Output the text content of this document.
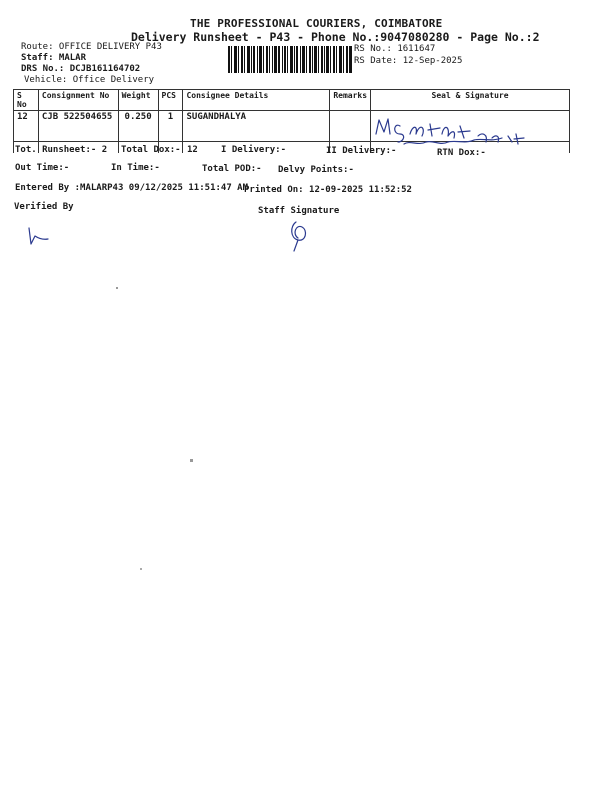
THE PROFESSIONAL COURIERS, COIMBATORE
Delivery Runsheet - P43 - Phone No.:9047080280 - Page No.:2
Route: OFFICE DELIVERY P43
Staff: MALAR
DRS No.: DCJB161164702
Vehicle: Office Delivery
RS No.: 1611647
RS Date: 12-Sep-2025
S No	Consignment No	Weight	PCS	Consignee Details	Remarks	Seal & Signature
12	CJB 522504655	0.250	1	SUGANDHALYA		
Tot. Runsheet:- 2 Total Dox:- 12	I Delivery:-	II Delivery:-	RTN Dox:-
Out Time:-	In Time:-	Total POD:- Delvy Points:-
Entered By :MALARP43 09/12/2025 11:51:47 AM
Printed On: 12-09-2025 11:52:52
Verified By	Staff Signature
